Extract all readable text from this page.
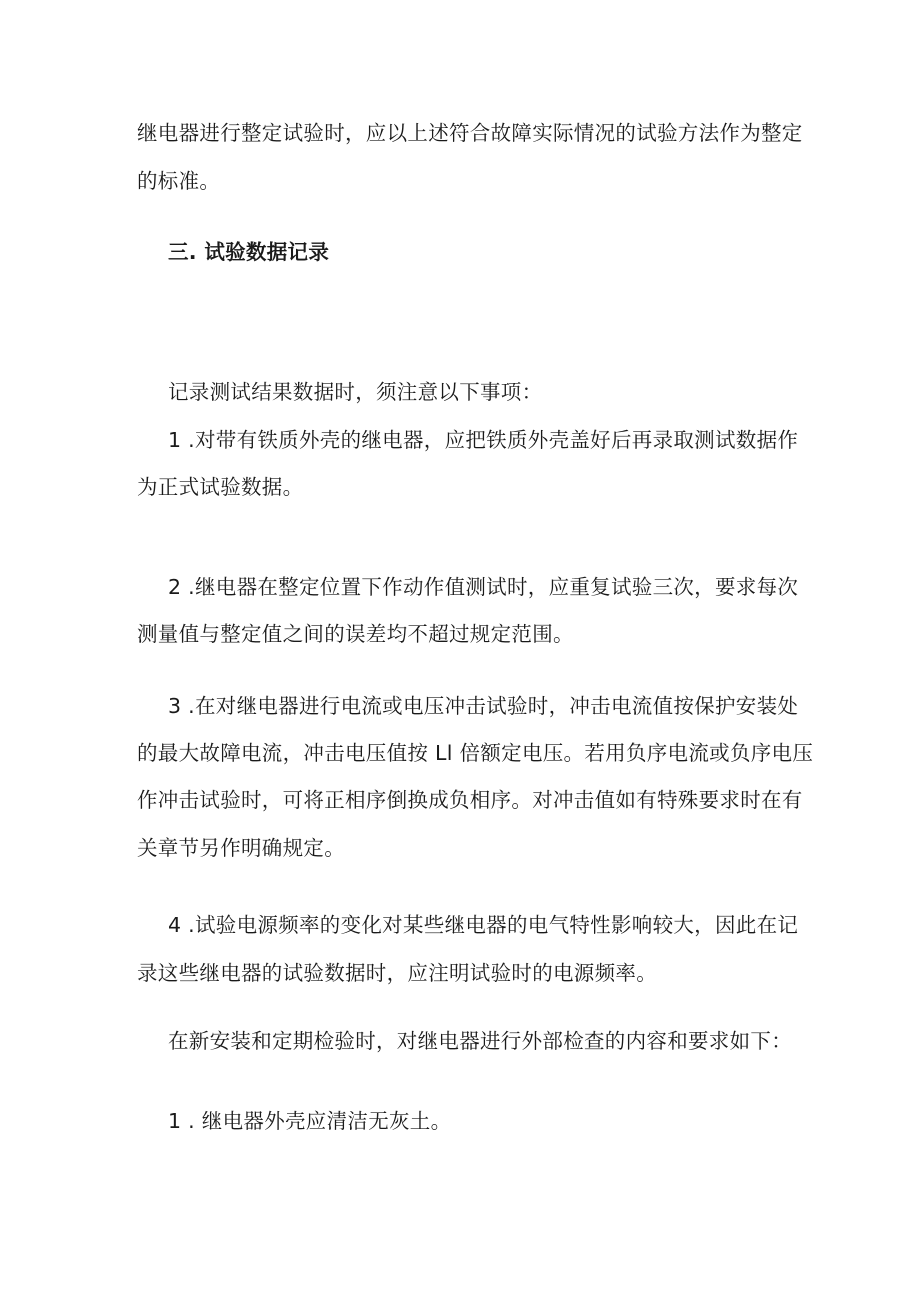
继电器进行整定试验时，应以上述符合故障实际情况的试验方法作为整定
的标准。
三. 试验数据记录
记录测试结果数据时，须注意以下事项：
1 .对带有铁质外壳的继电器，应把铁质外壳盖好后再录取测试数据作
为正式试验数据。
2 .继电器在整定位置下作动作值测试时，应重复试验三次，要求每次
测量值与整定值之间的误差均不超过规定范围。
3 .在对继电器进行电流或电压冲击试验时，冲击电流值按保护安装处
的最大故障电流，冲击电压值按 Ll 倍额定电压。若用负序电流或负序电压
作冲击试验时，可将正相序倒换成负相序。对冲击值如有特殊要求时在有
关章节另作明确规定。
4 .试验电源频率的变化对某些继电器的电气特性影响较大，因此在记
录这些继电器的试验数据时，应注明试验时的电源频率。
在新安装和定期检验时，对继电器进行外部检查的内容和要求如下：
1 . 继电器外壳应清洁无灰土。
